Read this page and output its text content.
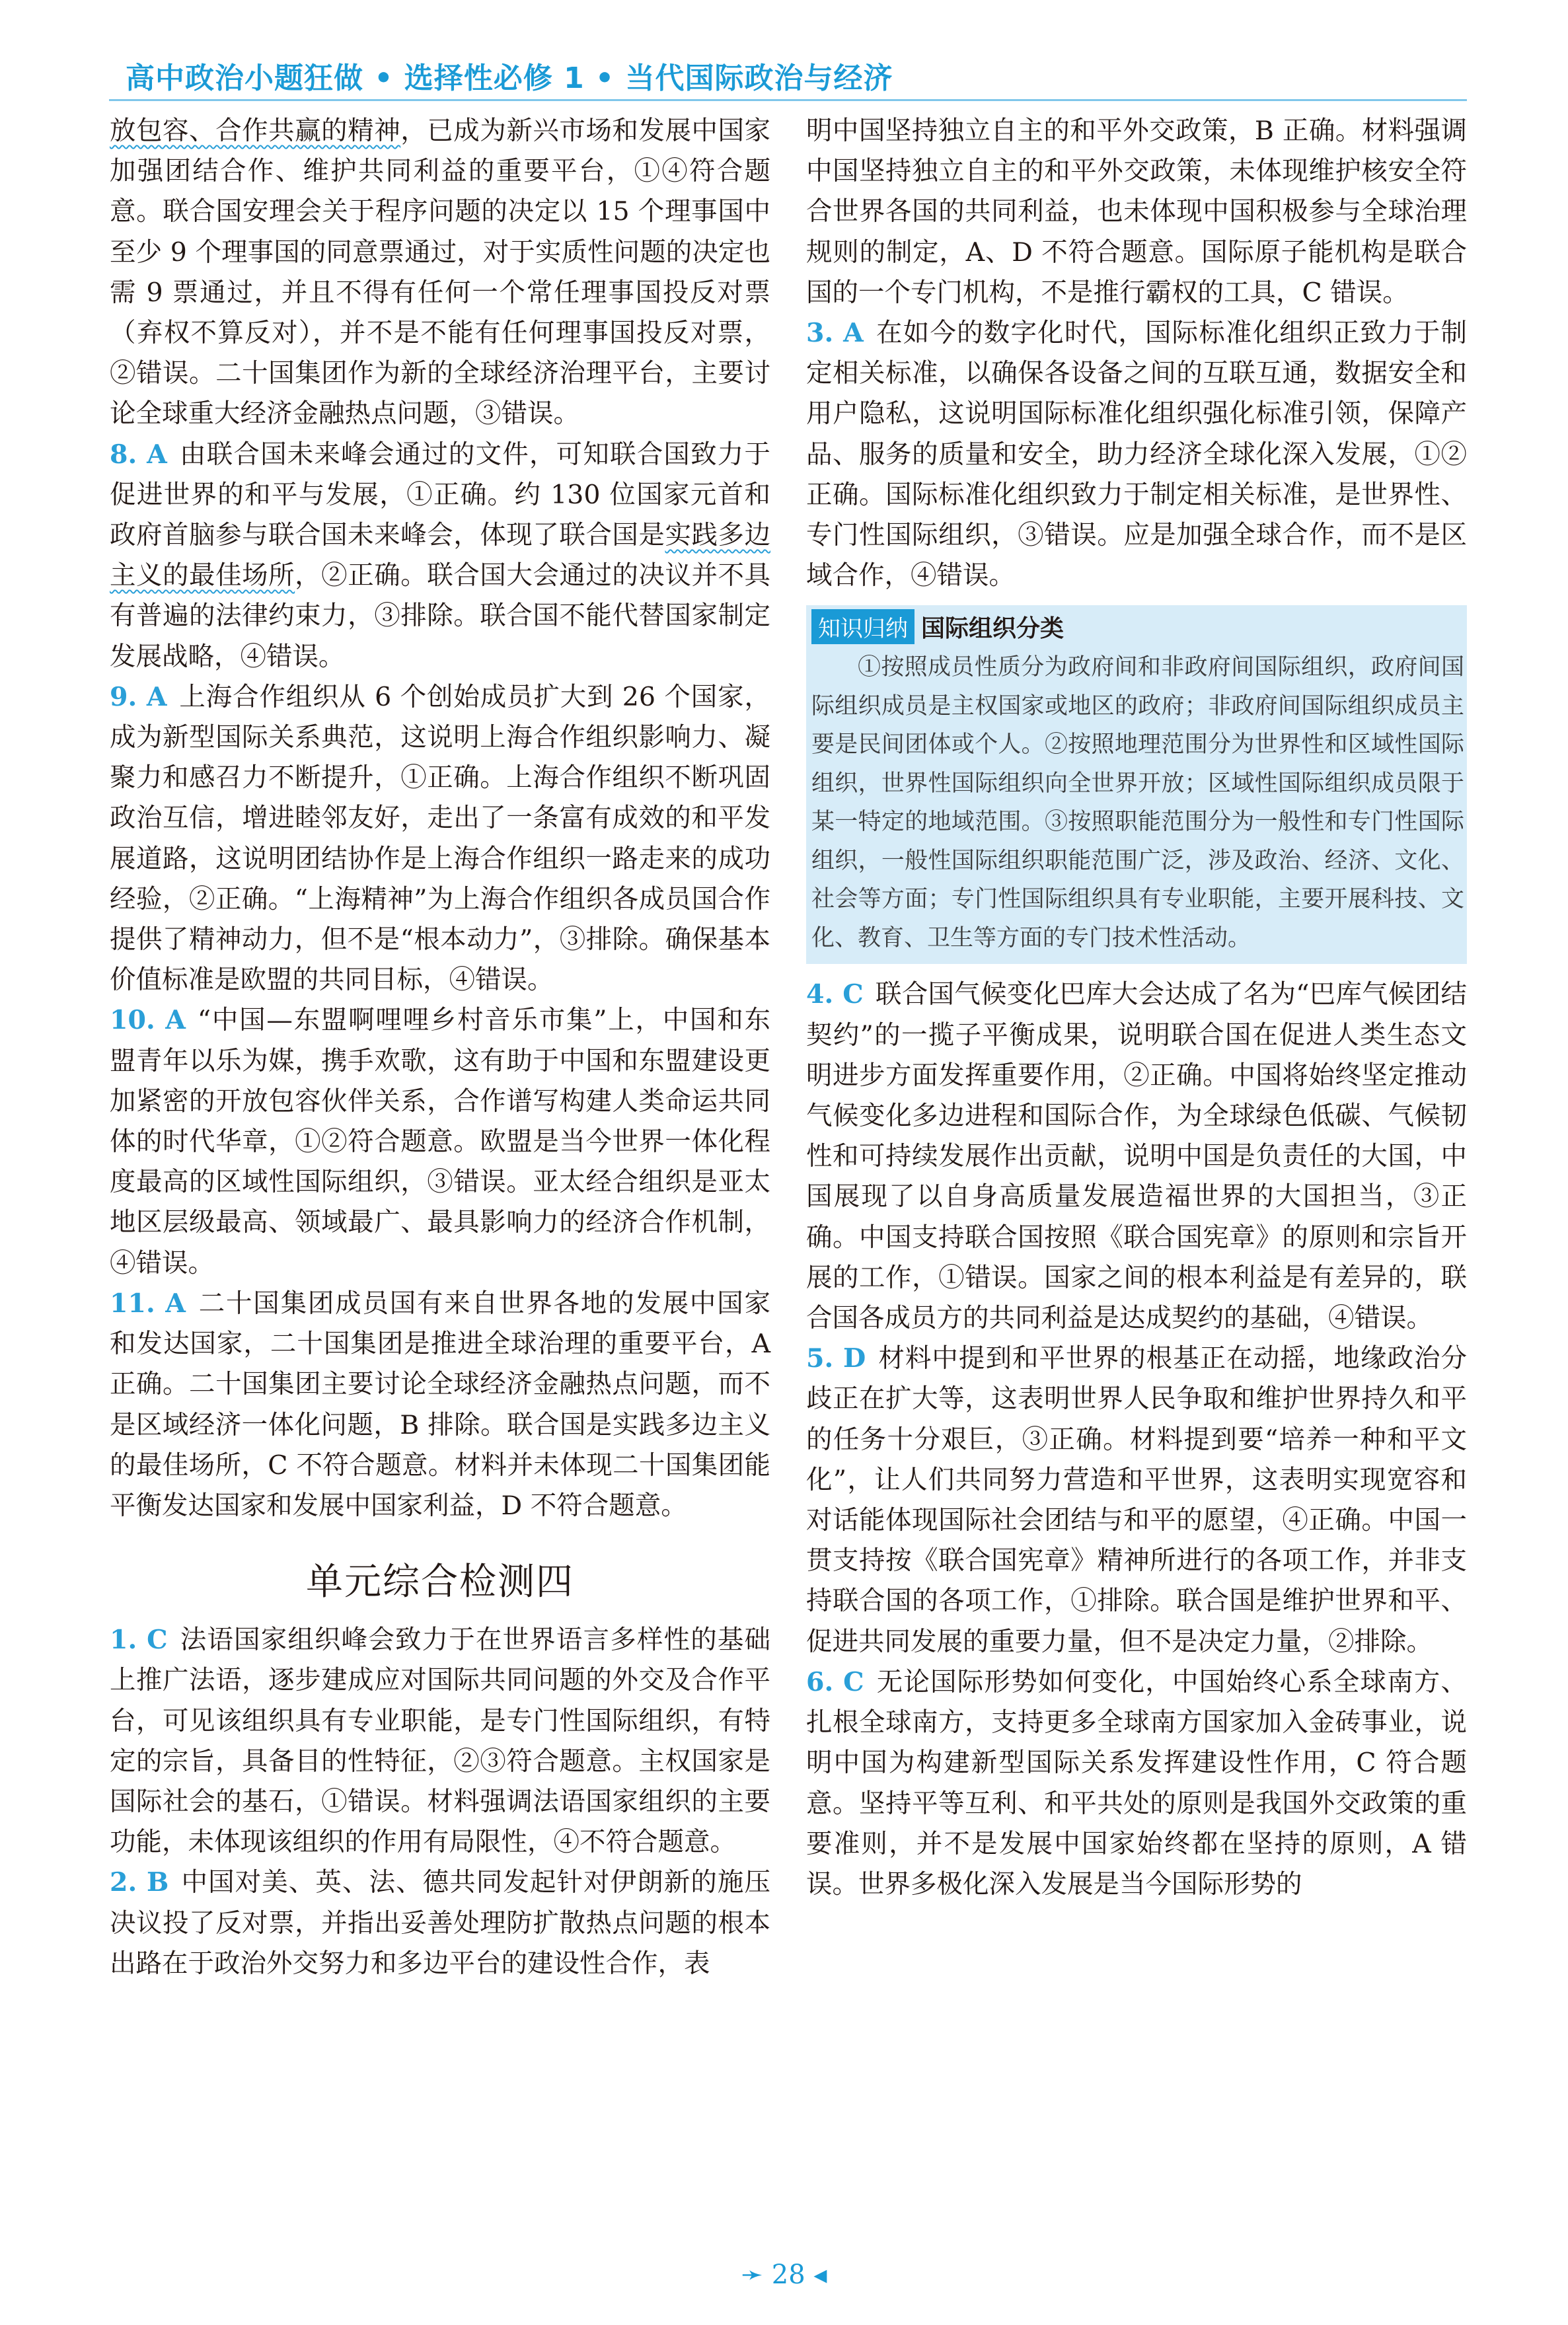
高中政治小题狂做 • 选择性必修 1 • 当代国际政治与经济

放包容、合作共赢的精神，已成为新兴市场和发展中国家加强团结合作、维护共同利益的重要平台，①④符合题意。联合国安理会关于程序问题的决定以 15 个理事国中至少 9 个理事国的同意票通过，对于实质性问题的决定也需 9 票通过，并且不得有任何一个常任理事国投反对票（弃权不算反对），并不是不能有任何理事国投反对票，②错误。二十国集团作为新的全球经济治理平台，主要讨论全球重大经济金融热点问题，③错误。

8. A 由联合国未来峰会通过的文件，可知联合国致力于促进世界的和平与发展，①正确。约 130 位国家元首和政府首脑参与联合国未来峰会，体现了联合国是实践多边主义的最佳场所，②正确。联合国大会通过的决议并不具有普遍的法律约束力，③排除。联合国不能代替国家制定发展战略，④错误。

9. A 上海合作组织从 6 个创始成员扩大到 26 个国家，成为新型国际关系典范，这说明上海合作组织影响力、凝聚力和感召力不断提升，①正确。上海合作组织不断巩固政治互信，增进睦邻友好，走出了一条富有成效的和平发展道路，这说明团结协作是上海合作组织一路走来的成功经验，②正确。“上海精神”为上海合作组织各成员国合作提供了精神动力，但不是“根本动力”，③排除。确保基本价值标准是欧盟的共同目标，④错误。

10. A “中国—东盟啊哩哩乡村音乐市集”上，中国和东盟青年以乐为媒，携手欢歌，这有助于中国和东盟建设更加紧密的开放包容伙伴关系，合作谱写构建人类命运共同体的时代华章，①②符合题意。欧盟是当今世界一体化程度最高的区域性国际组织，③错误。亚太经合组织是亚太地区层级最高、领域最广、最具影响力的经济合作机制，④错误。

11. A 二十国集团成员国有来自世界各地的发展中国家和发达国家，二十国集团是推进全球治理的重要平台，A 正确。二十国集团主要讨论全球经济金融热点问题，而不是区域经济一体化问题，B 排除。联合国是实践多边主义的最佳场所，C 不符合题意。材料并未体现二十国集团能平衡发达国家和发展中国家利益，D 不符合题意。

单元综合检测四

1. C 法语国家组织峰会致力于在世界语言多样性的基础上推广法语，逐步建成应对国际共同问题的外交及合作平台，可见该组织具有专业职能，是专门性国际组织，有特定的宗旨，具备目的性特征，②③符合题意。主权国家是国际社会的基石，①错误。材料强调法语国家组织的主要功能，未体现该组织的作用有局限性，④不符合题意。

2. B 中国对美、英、法、德共同发起针对伊朗新的施压决议投了反对票，并指出妥善处理防扩散热点问题的根本出路在于政治外交努力和多边平台的建设性合作，表

明中国坚持独立自主的和平外交政策，B 正确。材料强调中国坚持独立自主的和平外交政策，未体现维护核安全符合世界各国的共同利益，也未体现中国积极参与全球治理规则的制定，A、D 不符合题意。国际原子能机构是联合国的一个专门机构，不是推行霸权的工具，C 错误。

3. A 在如今的数字化时代，国际标准化组织正致力于制定相关标准，以确保各设备之间的互联互通，数据安全和用户隐私，这说明国际标准化组织强化标准引领，保障产品、服务的质量和安全，助力经济全球化深入发展，①②正确。国际标准化组织致力于制定相关标准，是世界性、专门性国际组织，③错误。应是加强全球合作，而不是区域合作，④错误。

知识归纳 国际组织分类

①按照成员性质分为政府间和非政府间国际组织，政府间国际组织成员是主权国家或地区的政府；非政府间国际组织成员主要是民间团体或个人。②按照地理范围分为世界性和区域性国际组织，世界性国际组织向全世界开放；区域性国际组织成员限于某一特定的地域范围。③按照职能范围分为一般性和专门性国际组织，一般性国际组织职能范围广泛，涉及政治、经济、文化、社会等方面；专门性国际组织具有专业职能，主要开展科技、文化、教育、卫生等方面的专门技术性活动。

4. C 联合国气候变化巴库大会达成了名为“巴库气候团结契约”的一揽子平衡成果，说明联合国在促进人类生态文明进步方面发挥重要作用，②正确。中国将始终坚定推动气候变化多边进程和国际合作，为全球绿色低碳、气候韧性和可持续发展作出贡献，说明中国是负责任的大国，中国展现了以自身高质量发展造福世界的大国担当，③正确。中国支持联合国按照《联合国宪章》的原则和宗旨开展的工作，①错误。国家之间的根本利益是有差异的，联合国各成员方的共同利益是达成契约的基础，④错误。

5. D 材料中提到和平世界的根基正在动摇，地缘政治分歧正在扩大等，这表明世界人民争取和维护世界持久和平的任务十分艰巨，③正确。材料提到要“培养一种和平文化”，让人们共同努力营造和平世界，这表明实现宽容和对话能体现国际社会团结与和平的愿望，④正确。中国一贯支持按《联合国宪章》精神所进行的各项工作，并非支持联合国的各项工作，①排除。联合国是维护世界和平、促进共同发展的重要力量，但不是决定力量，②排除。

6. C 无论国际形势如何变化，中国始终心系全球南方、扎根全球南方，支持更多全球南方国家加入金砖事业，说明中国为构建新型国际关系发挥建设性作用，C 符合题意。坚持平等互利、和平共处的原则是我国外交政策的重要准则，并不是发展中国家始终都在坚持的原则，A 错误。世界多极化深入发展是当今国际形势的

➛ 28 ◂
